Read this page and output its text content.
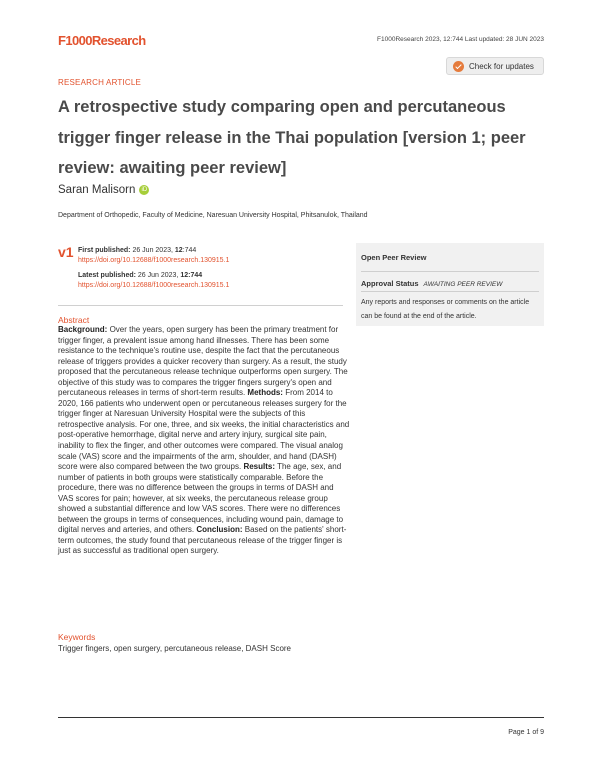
F1000Research	F1000Research 2023, 12:744 Last updated: 28 JUN 2023
RESEARCH ARTICLE
Check for updates
A retrospective study comparing open and percutaneous trigger finger release in the Thai population [version 1; peer review: awaiting peer review]
Saran Malisorn	iD
Department of Orthopedic, Faculty of Medicine, Naresuan University Hospital, Phitsanulok, Thailand
v1 First published: 26 Jun 2023, 12:744
https://doi.org/10.12688/f1000research.130915.1
Latest published: 26 Jun 2023, 12:744
https://doi.org/10.12688/f1000research.130915.1
Abstract

Background: Over the years, open surgery has been the primary treatment for trigger finger, a prevalent issue among hand illnesses. There has been some resistance to the technique's routine use, despite the fact that the percutaneous release of triggers provides a quicker recovery than surgery. As a result, the study proposed that the percutaneous release technique outperforms open surgery. The objective of this study was to compares the trigger fingers surgery's open and percutaneous releases in terms of short-term results. Methods: From 2014 to 2020, 166 patients who underwent open or percutaneous releases surgery for the trigger finger at Naresuan University Hospital were the subjects of this retrospective analysis. For one, three, and six weeks, the initial characteristics and post-operative hemorrhage, digital nerve and artery injury, surgical site pain, inability to flex the finger, and other outcomes were compared. The visual analog scale (VAS) score and the impairments of the arm, shoulder, and hand (DASH) score were also compared between the two groups. Results: The age, sex, and number of patients in both groups were statistically comparable. Before the procedure, there was no difference between the groups in terms of DASH and VAS scores for pain; however, at six weeks, the percutaneous release group showed a substantial difference and low VAS scores. There were no differences between the groups in terms of consequences, including wound pain, damage to digital nerves and arteries, and others. Conclusion: Based on the patients' short-term outcomes, the study found that percutaneous release of the trigger finger is just as successful as traditional open surgery.

Keywords
Trigger fingers, open surgery, percutaneous release, DASH Score
Open Peer Review
Approval Status AWAITING PEER REVIEW
Any reports and responses or comments on the article can be found at the end of the article.
Page 1 of 9
